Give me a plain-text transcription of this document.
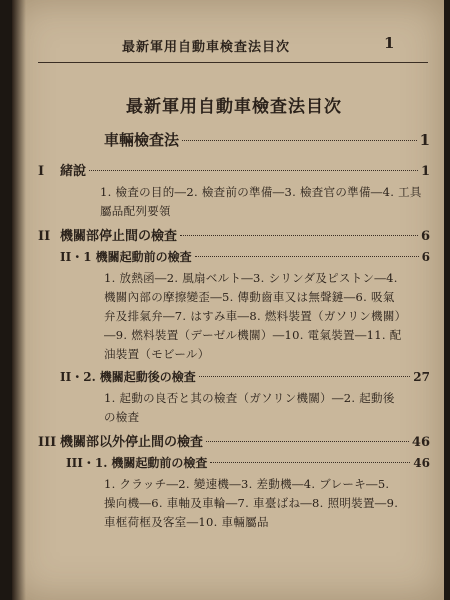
最新軍用自動車検査法目次	1
最新軍用自動車檢査法目次
車輛檢査法	1
I	緒說	1
1. 檢査の目的―2. 檢査前の準備―3. 檢査官の準備―4. 工具屬品配列要領
II 機關部停止間の檢査	6
II・1 機關起動前の檢査	6
1. 放熱函―2. 風扇ベルト―3. シリンダ及ピストン―4. 機關內部の摩擦變歪―5. 傳動齒車又は無聲鏈―6. 吸氣弁及排氣弁―7. はすみ車―8. 燃料裝置（ガソリン機關）―9. 燃料裝置（デーゼル機關）―10. 電氣裝置―11. 配油裝置（モビール）
II・2. 機關起動後の檢査	27
1. 起動の良否と其の檢査（ガソリン機關）―2. 起動後の檢査
III 機關部以外停止間の檢査	46
III・1. 機關起動前の檢査	46
1. クラッチ―2. 變速機―3. 差動機―4. ブレーキ―5. 操向機―6. 車軸及車輪―7. 車臺ばね―8. 照明裝置―9. 車框荷框及客室―10. 車輛屬品
